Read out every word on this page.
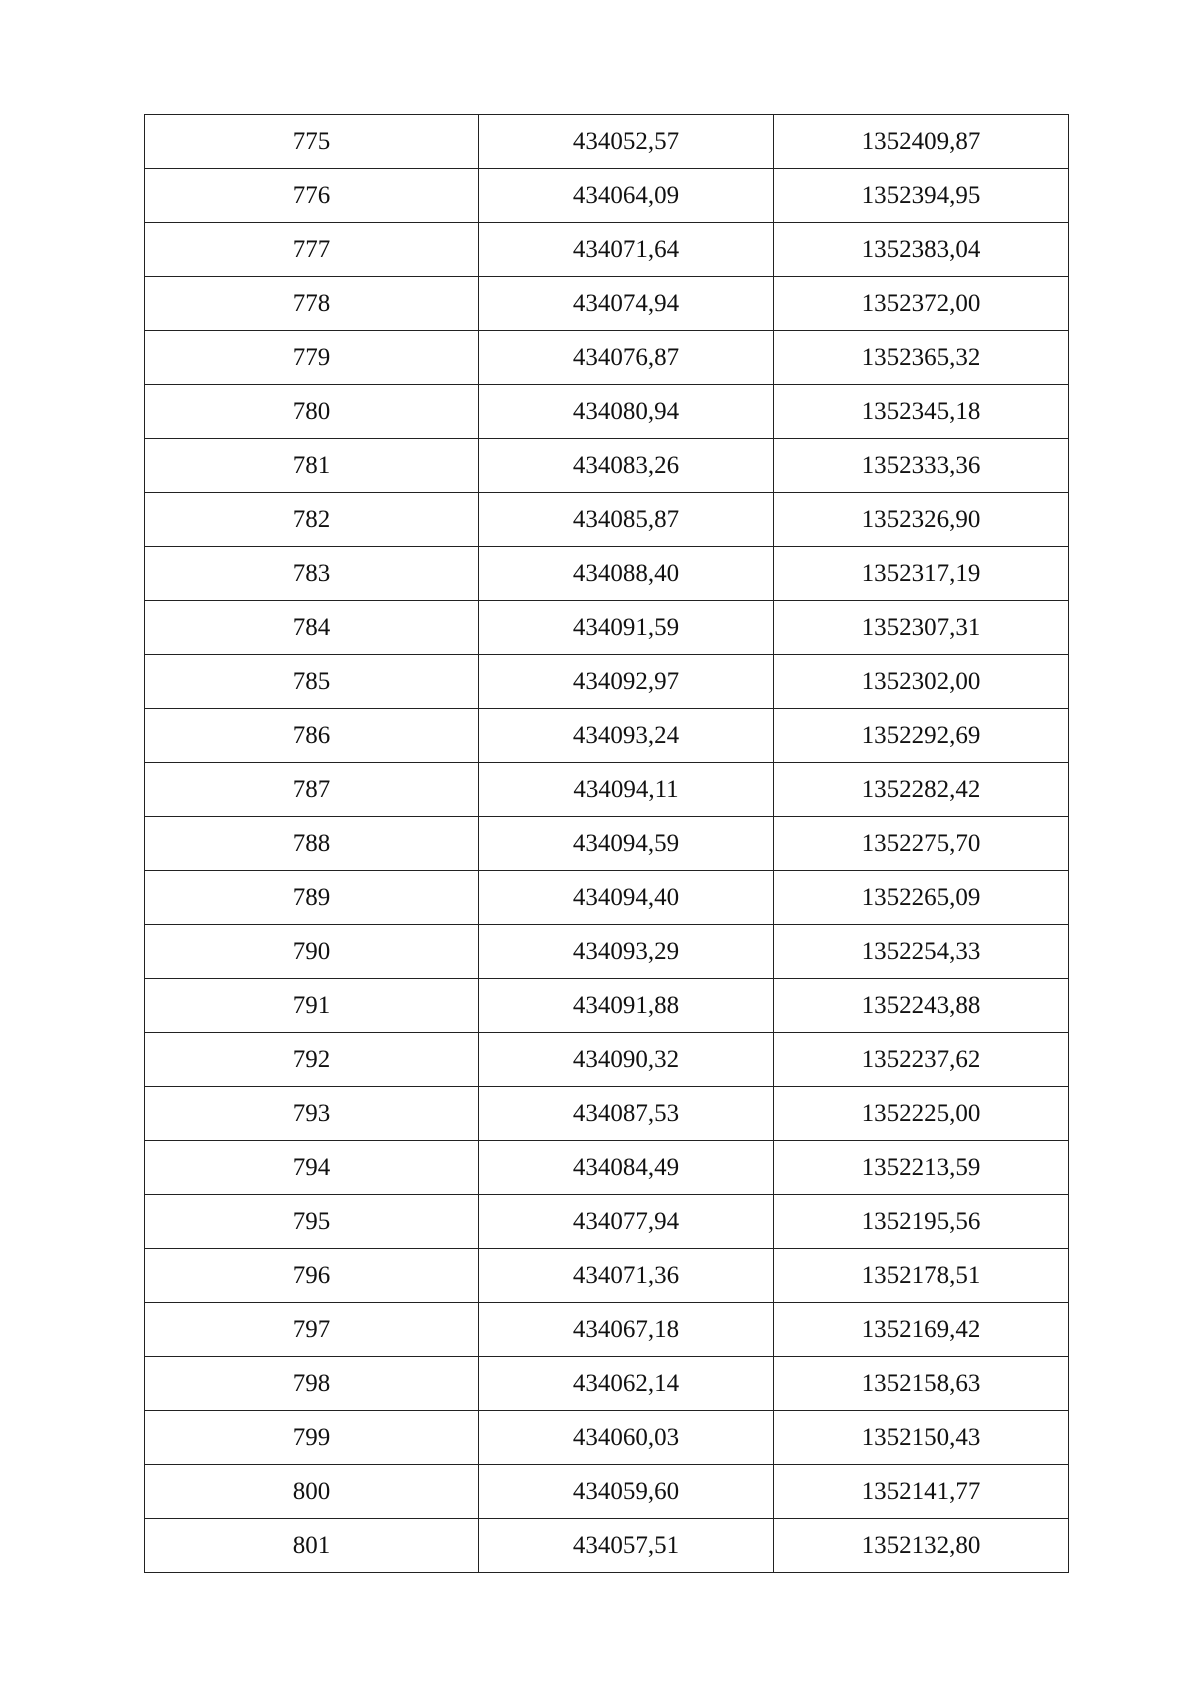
775	434052,57	1352409,87
776	434064,09	1352394,95
777	434071,64	1352383,04
778	434074,94	1352372,00
779	434076,87	1352365,32
780	434080,94	1352345,18
781	434083,26	1352333,36
782	434085,87	1352326,90
783	434088,40	1352317,19
784	434091,59	1352307,31
785	434092,97	1352302,00
786	434093,24	1352292,69
787	434094,11	1352282,42
788	434094,59	1352275,70
789	434094,40	1352265,09
790	434093,29	1352254,33
791	434091,88	1352243,88
792	434090,32	1352237,62
793	434087,53	1352225,00
794	434084,49	1352213,59
795	434077,94	1352195,56
796	434071,36	1352178,51
797	434067,18	1352169,42
798	434062,14	1352158,63
799	434060,03	1352150,43
800	434059,60	1352141,77
801	434057,51	1352132,80
